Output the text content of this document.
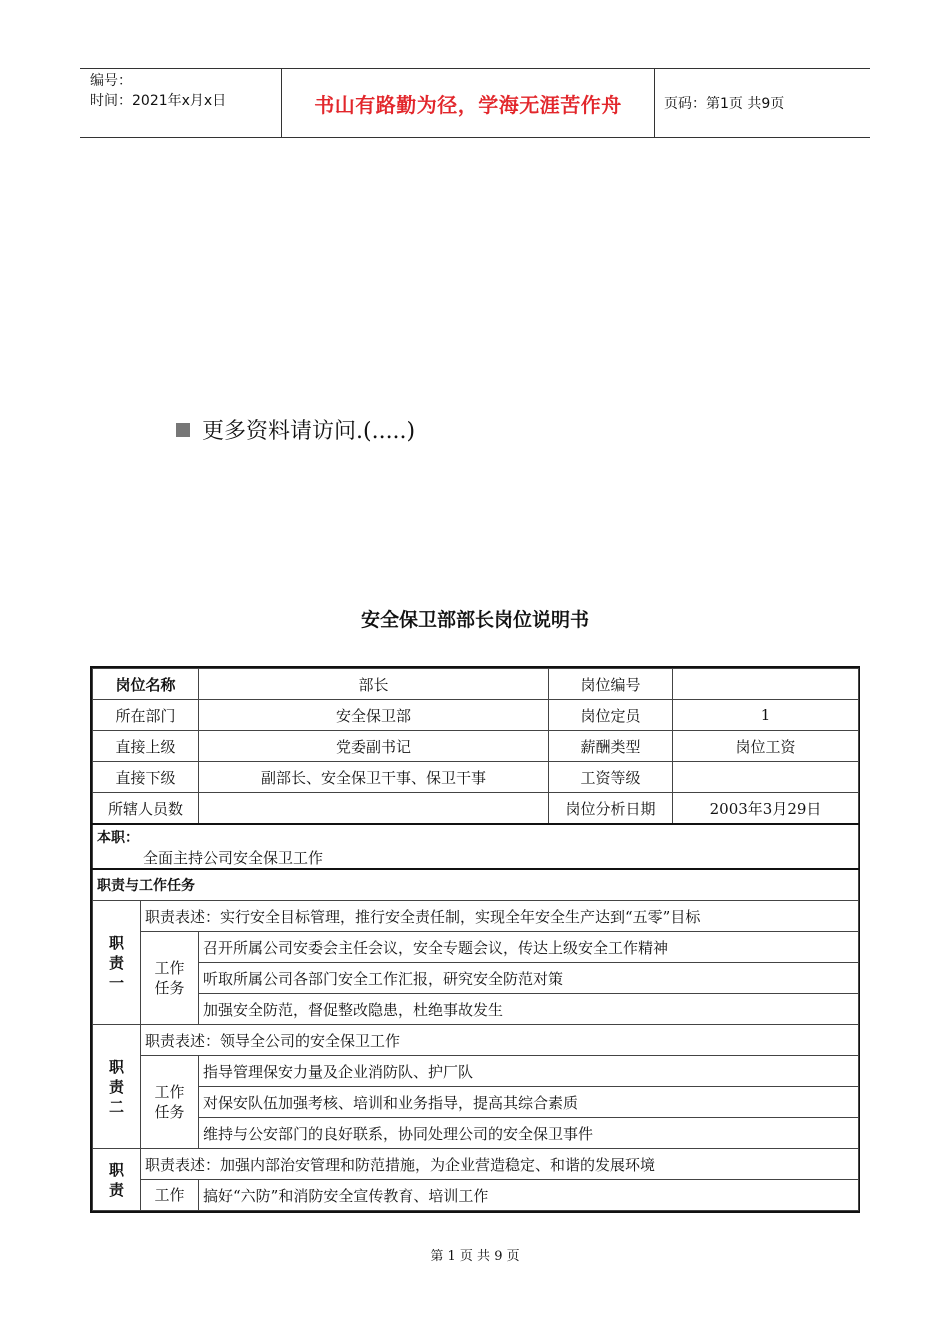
编号：
时间：2021年x月x日	书山有路勤为径，学海无涯苦作舟	页码：第1页 共9页
更多资料请访问.(.....)
安全保卫部部长岗位说明书
岗位名称		部长	岗位编号	
所在部门		安全保卫部	岗位定员	1
直接上级		党委副书记	薪酬类型	岗位工资
直接下级		副部长、安全保卫干事、保卫干事	工资等级	
所辖人员数			岗位分析日期	2003年3月29日

本职：
全面主持公司安全保卫工作				

职责与工作任务				
职责一	职责表述：实行安全目标管理，推行安全责任制，实现全年安全生产达到“五零”目标			
	工作任务	召开所属公司安委会主任会议，安全专题会议，传达上级安全工作精神		
		听取所属公司各部门安全工作汇报，研究安全防范对策		
		加强安全防范，督促整改隐患，杜绝事故发生		
职责二	职责表述：领导全公司的安全保卫工作			
	工作任务	指导管理保安力量及企业消防队、护厂队		
		对保安队伍加强考核、培训和业务指导，提高其综合素质		
		维持与公安部门的良好联系，协同处理公司的安全保卫事件		
职责	职责表述：加强内部治安管理和防范措施，为企业营造稳定、和谐的发展环境			
	工作	搞好“六防”和消防安全宣传教育、培训工作		
第 1 页 共 9 页
